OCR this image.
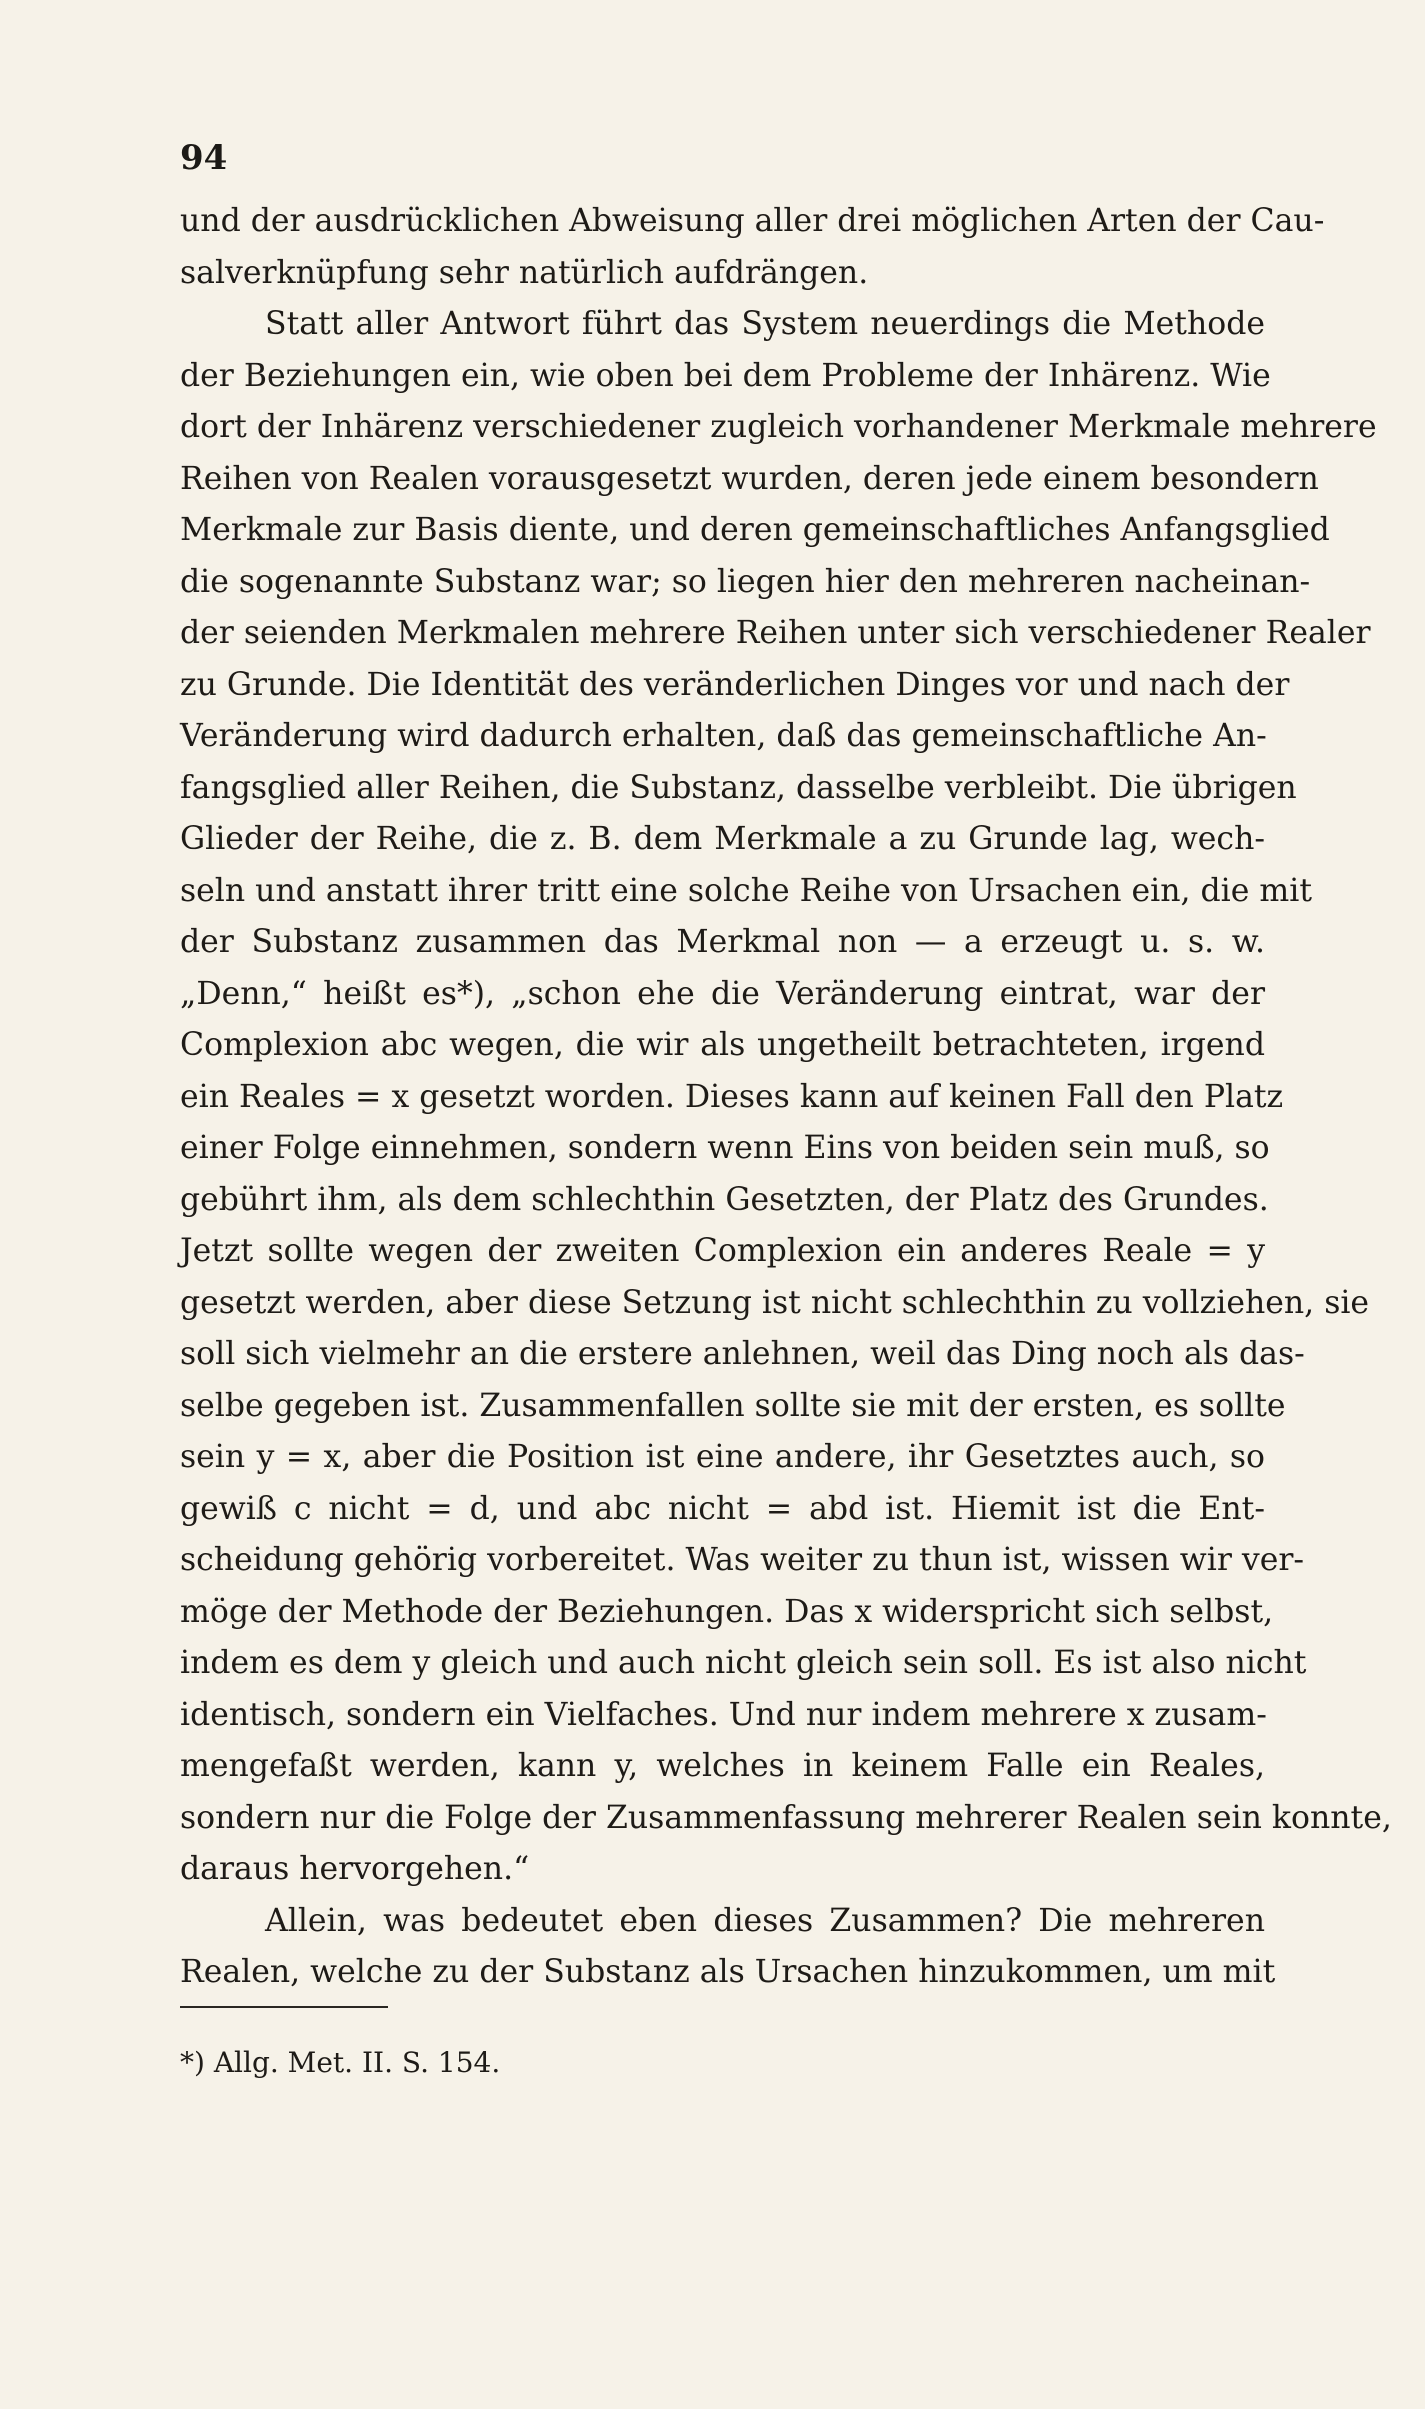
94
und der ausdrücklichen Abweisung aller drei möglichen Arten der Cau-
salverknüpfung sehr natürlich aufdrängen.
Statt aller Antwort führt das System neuerdings die Methode
der Beziehungen ein, wie oben bei dem Probleme der Inhärenz. Wie
dort der Inhärenz verschiedener zugleich vorhandener Merkmale mehrere
Reihen von Realen vorausgesetzt wurden, deren jede einem besondern
Merkmale zur Basis diente, und deren gemeinschaftliches Anfangsglied
die sogenannte Substanz war; so liegen hier den mehreren nacheinan-
der seienden Merkmalen mehrere Reihen unter sich verschiedener Realer
zu Grunde. Die Identität des veränderlichen Dinges vor und nach der
Veränderung wird dadurch erhalten, daß das gemeinschaftliche An-
fangsglied aller Reihen, die Substanz, dasselbe verbleibt. Die übrigen
Glieder der Reihe, die z. B. dem Merkmale a zu Grunde lag, wech-
seln und anstatt ihrer tritt eine solche Reihe von Ursachen ein, die mit
der Substanz zusammen das Merkmal non — a erzeugt u. s. w.
„Denn,“ heißt es*), „schon ehe die Veränderung eintrat, war der
Complexion abc wegen, die wir als ungetheilt betrachteten, irgend
ein Reales = x gesetzt worden. Dieses kann auf keinen Fall den Platz
einer Folge einnehmen, sondern wenn Eins von beiden sein muß, so
gebührt ihm, als dem schlechthin Gesetzten, der Platz des Grundes.
Jetzt sollte wegen der zweiten Complexion ein anderes Reale = y
gesetzt werden, aber diese Setzung ist nicht schlechthin zu vollziehen, sie
soll sich vielmehr an die erstere anlehnen, weil das Ding noch als das-
selbe gegeben ist. Zusammenfallen sollte sie mit der ersten, es sollte
sein y = x, aber die Position ist eine andere, ihr Gesetztes auch, so
gewiß c nicht = d, und abc nicht = abd ist. Hiemit ist die Ent-
scheidung gehörig vorbereitet. Was weiter zu thun ist, wissen wir ver-
möge der Methode der Beziehungen. Das x widerspricht sich selbst,
indem es dem y gleich und auch nicht gleich sein soll. Es ist also nicht
identisch, sondern ein Vielfaches. Und nur indem mehrere x zusam-
mengefaßt werden, kann y, welches in keinem Falle ein Reales,
sondern nur die Folge der Zusammenfassung mehrerer Realen sein konnte,
daraus hervorgehen.“
Allein, was bedeutet eben dieses Zusammen? Die mehreren
Realen, welche zu der Substanz als Ursachen hinzukommen, um mit
*) Allg. Met. II. S. 154.
